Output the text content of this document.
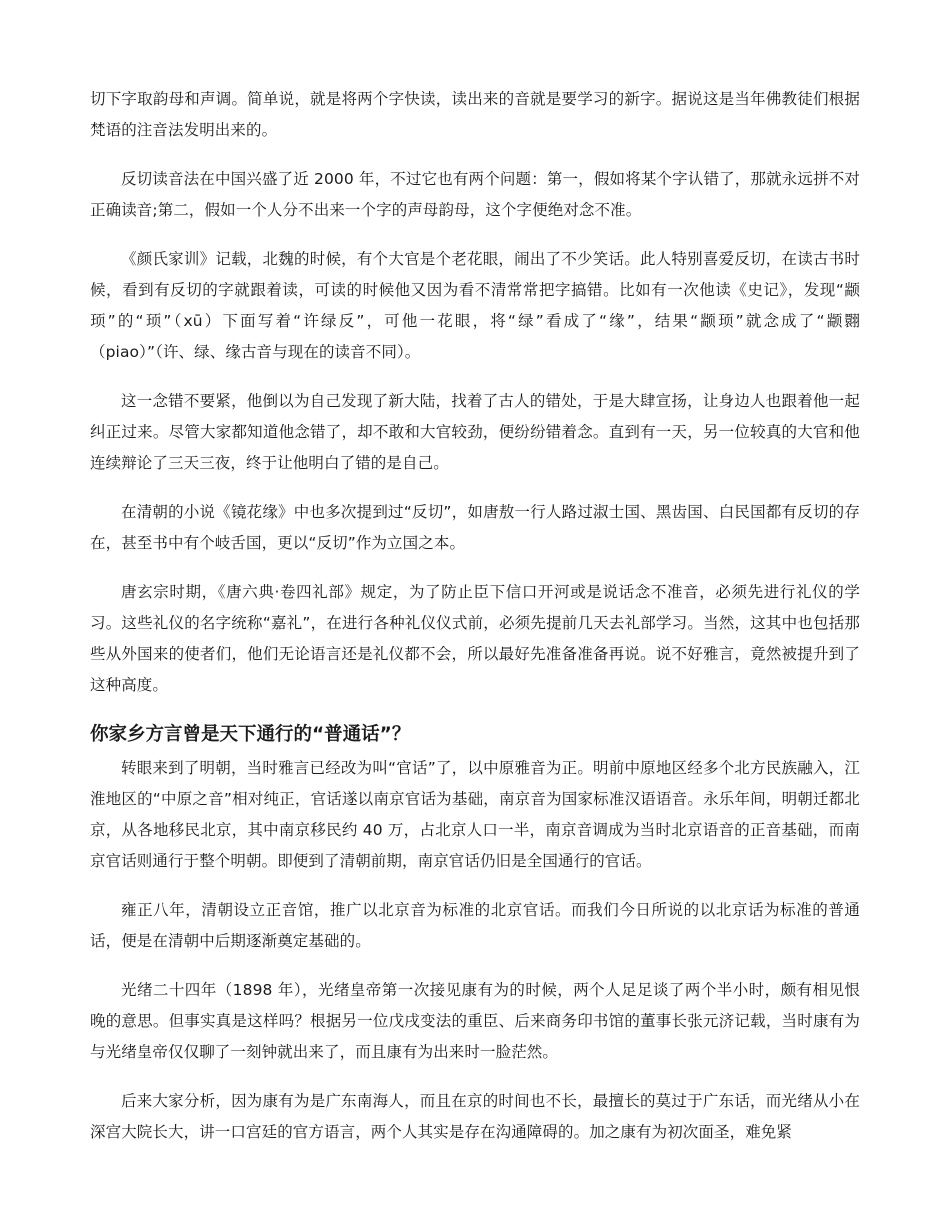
切下字取韵母和声调。简单说，就是将两个字快读，读出来的音就是要学习的新字。据说这是当年佛教徒们根据梵语的注音法发明出来的。

反切读音法在中国兴盛了近 2000 年，不过它也有两个问题：第一，假如将某个字认错了，那就永远拼不对正确读音;第二，假如一个人分不出来一个字的声母韵母，这个字便绝对念不准。

《颜氏家训》记载，北魏的时候，有个大官是个老花眼，闹出了不少笑话。此人特别喜爱反切，在读古书时候，看到有反切的字就跟着读，可读的时候他又因为看不清常常把字搞错。比如有一次他读《史记》，发现“颛顼”的“顼”（xū）下面写着“许绿反”，可他一花眼，将“绿”看成了“缘”，结果“颛顼”就念成了“颛翾（piao）”（许、绿、缘古音与现在的读音不同）。

这一念错不要紧，他倒以为自己发现了新大陆，找着了古人的错处，于是大肆宣扬，让身边人也跟着他一起纠正过来。尽管大家都知道他念错了，却不敢和大官较劲，便纷纷错着念。直到有一天，另一位较真的大官和他连续辩论了三天三夜，终于让他明白了错的是自己。

在清朝的小说《镜花缘》中也多次提到过“反切”，如唐敖一行人路过淑士国、黑齿国、白民国都有反切的存在，甚至书中有个岐舌国，更以“反切”作为立国之本。

唐玄宗时期，《唐六典·卷四礼部》规定，为了防止臣下信口开河或是说话念不准音，必须先进行礼仪的学习。这些礼仪的名字统称“嘉礼”，在进行各种礼仪仪式前，必须先提前几天去礼部学习。当然，这其中也包括那些从外国来的使者们，他们无论语言还是礼仪都不会，所以最好先准备准备再说。说不好雅言，竟然被提升到了这种高度。

你家乡方言曾是天下通行的“普通话”？

转眼来到了明朝，当时雅言已经改为叫“官话”了，以中原雅音为正。明前中原地区经多个北方民族融入，江淮地区的“中原之音”相对纯正，官话遂以南京官话为基础，南京音为国家标准汉语语音。永乐年间，明朝迁都北京，从各地移民北京，其中南京移民约 40 万，占北京人口一半，南京音调成为当时北京语音的正音基础，而南京官话则通行于整个明朝。即便到了清朝前期，南京官话仍旧是全国通行的官话。

雍正八年，清朝设立正音馆，推广以北京音为标准的北京官话。而我们今日所说的以北京话为标准的普通话，便是在清朝中后期逐渐奠定基础的。

光绪二十四年（1898 年），光绪皇帝第一次接见康有为的时候，两个人足足谈了两个半小时，颇有相见恨晚的意思。但事实真是这样吗？根据另一位戊戌变法的重臣、后来商务印书馆的董事长张元济记载，当时康有为与光绪皇帝仅仅聊了一刻钟就出来了，而且康有为出来时一脸茫然。

后来大家分析，因为康有为是广东南海人，而且在京的时间也不长，最擅长的莫过于广东话，而光绪从小在深宫大院长大，讲一口宫廷的官方语言，两个人其实是存在沟通障碍的。加之康有为初次面圣，难免紧
